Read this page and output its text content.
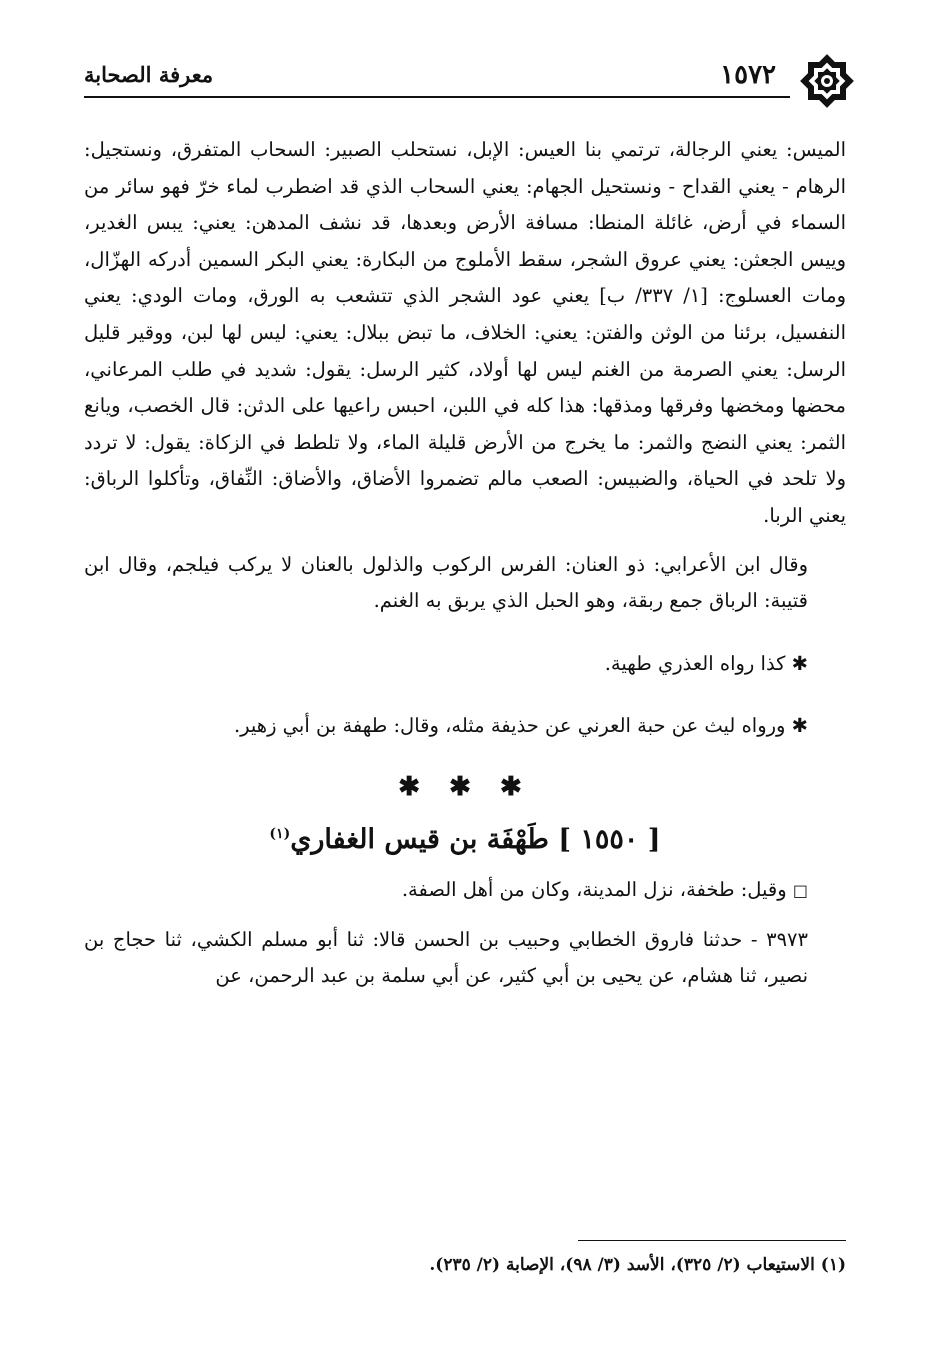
١٥٧٢
معرفة الصحابة

الميس: يعني الرجالة، ترتمي بنا العيس: الإبل، نستحلب الصبير: السحاب المتفرق، ونستجيل: الرهام - يعني القداح - ونستحيل الجهام: يعني السحاب الذي قد اضطرب لماء خرّ فهو سائر من السماء في أرض، غائلة المنطا: مسافة الأرض وبعدها، قد نشف المدهن: يعني: يبس الغدير، وييس الجعثن: يعني عروق الشجر، سقط الأملوج من البكارة: يعني البكر السمين أدركه الهزّال، ومات العسلوج: [١/ ٣٣٧/ ب] يعني عود الشجر الذي تتشعب به الورق، ومات الودي: يعني النفسيل، برئنا من الوثن والفتن: يعني: الخلاف، ما تبض ببلال: يعني: ليس لها لبن، ووقير قليل الرسل: يعني الصرمة من الغنم ليس لها أولاد، كثير الرسل: يقول: شديد في طلب المرعاني، محضها ومخضها وفرقها ومذقها: هذا كله في اللبن، احبس راعيها على الدثن: قال الخصب، ويانع الثمر: يعني النضج والثمر: ما يخرج من الأرض قليلة الماء، ولا تلطط في الزكاة: يقول: لا تردد ولا تلحد في الحياة، والضبيس: الصعب مالم تضمروا الأضاق، والأضاق: النِّفاق، وتأكلوا الرباق: يعني الربا.

وقال ابن الأعرابي: ذو العنان: الفرس الركوب والذلول بالعنان لا يركب فيلجم، وقال ابن قتيبة: الرباق جمع ربقة، وهو الحبل الذي يربق به الغنم.

✱ كذا رواه العذري طهية.

✱ ورواه ليث عن حبة العرني عن حذيفة مثله، وقال: طهفة بن أبي زهير.

✱ ✱ ✱

[ ١٥٥٠ ] طَهْفَة بن قيس الغفاري$^{(١)}$

□ وقيل: طخفة، نزل المدينة، وكان من أهل الصفة.

٣٩٧٣ - حدثنا فاروق الخطابي وحبيب بن الحسن قالا: ثنا أبو مسلم الكشي، ثنا حجاج بن نصير، ثنا هشام، عن يحيى بن أبي كثير، عن أبي سلمة بن عبد الرحمن، عن

(١) الاستيعاب (٢/ ٣٢٥)، الأسد (٣/ ٩٨)، الإصابة (٢/ ٢٣٥).
